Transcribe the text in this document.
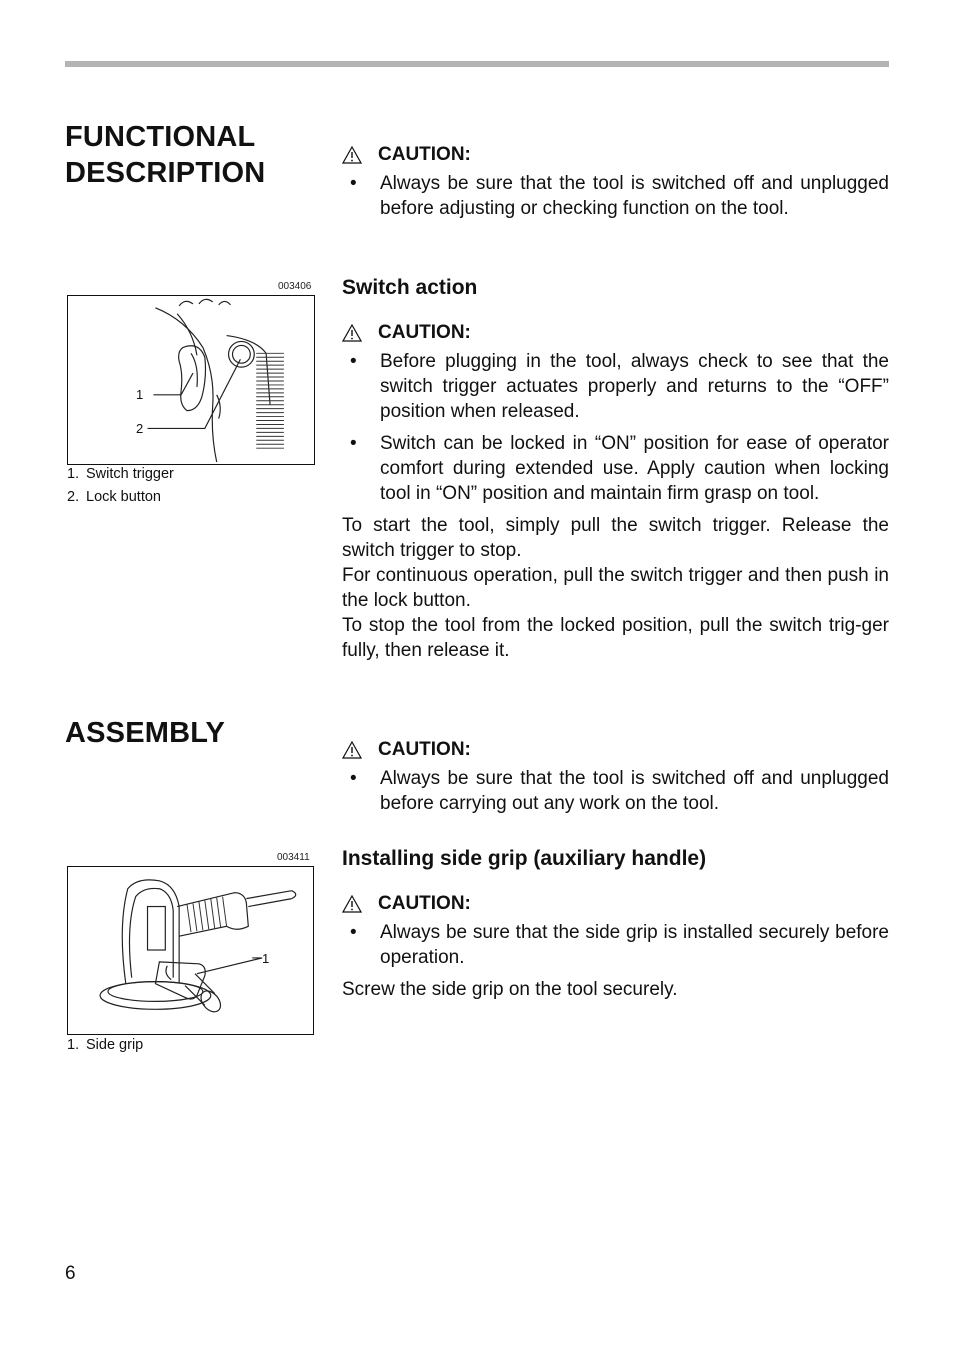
FUNCTIONAL
DESCRIPTION
003406
1
2
1. Switch trigger
2. Lock button
CAUTION:
• Always be sure that the tool is switched off and unplugged before adjusting or checking function on the tool.
Switch action
CAUTION:
• Before plugging in the tool, always check to see that the switch trigger actuates properly and returns to the “OFF” position when released.
• Switch can be locked in “ON” position for ease of operator comfort during extended use. Apply caution when locking tool in “ON” position and maintain firm grasp on tool.

To start the tool, simply pull the switch trigger. Release the switch trigger to stop.

For continuous operation, pull the switch trigger and then push in the lock button.

To stop the tool from the locked position, pull the switch trig-ger fully, then release it.

ASSEMBLY
CAUTION:
• Always be sure that the tool is switched off and unplugged before carrying out any work on the tool.
003411
1
1. Side grip
Installing side grip (auxiliary handle)
CAUTION:
• Always be sure that the side grip is installed securely before operation.

Screw the side grip on the tool securely.

6
